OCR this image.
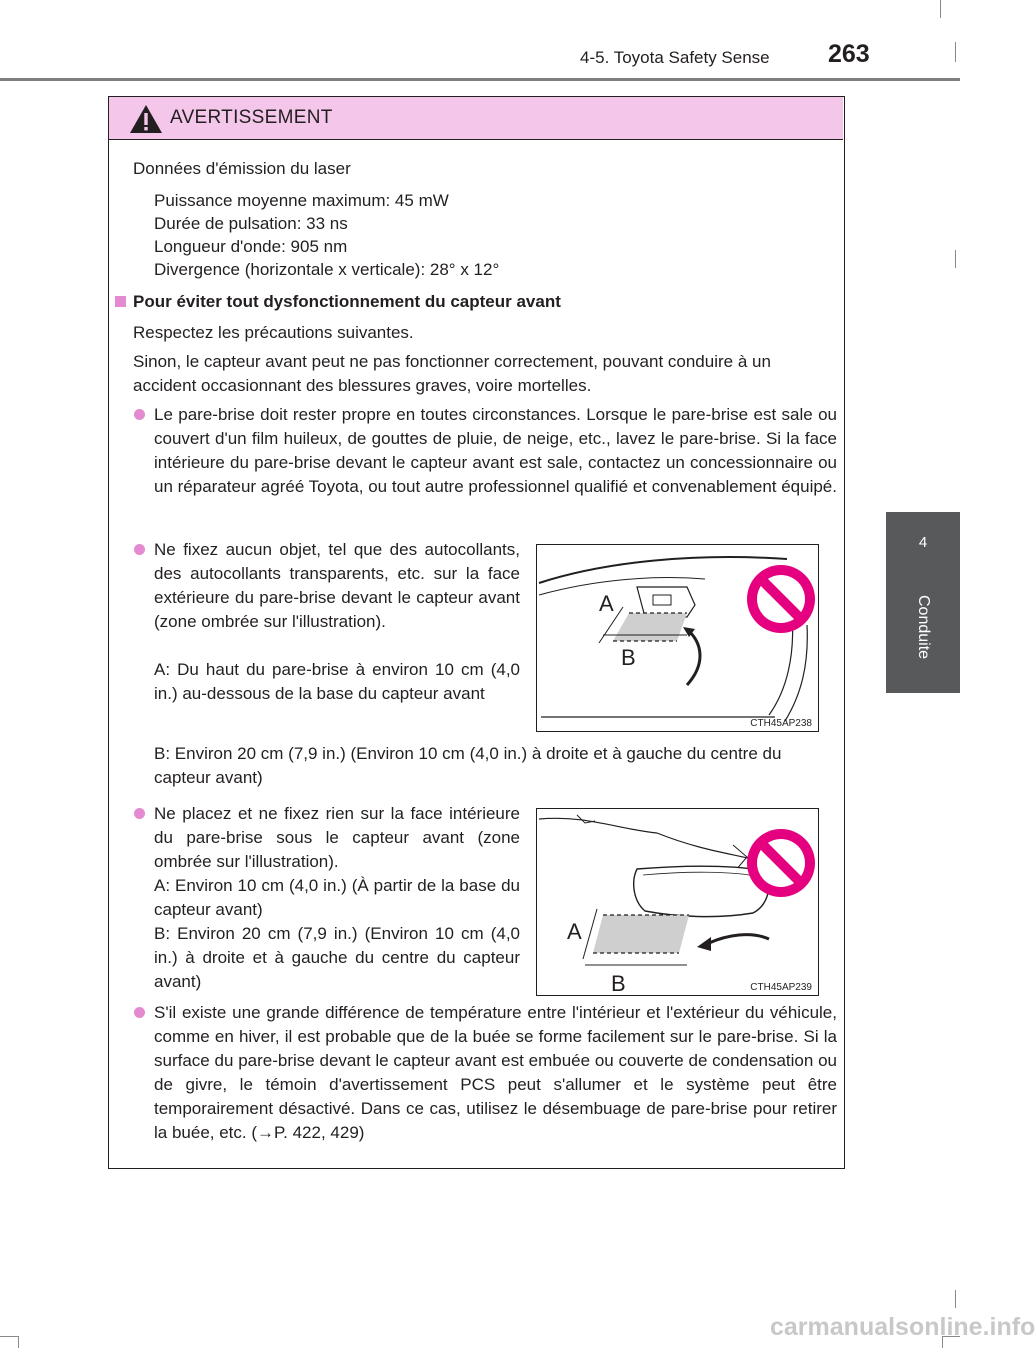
4-5. Toyota Safety Sense 263
4
Conduite
AVERTISSEMENT
Données d'émission du laser
Puissance moyenne maximum: 45 mW
Durée de pulsation: 33 ns
Longueur d'onde: 905 nm
Divergence (horizontale x verticale): 28° x 12°
Pour éviter tout dysfonctionnement du capteur avant
Respectez les précautions suivantes.
Sinon, le capteur avant peut ne pas fonctionner correctement, pouvant conduire à un accident occasionnant des blessures graves, voire mortelles.
Le pare-brise doit rester propre en toutes circonstances. Lorsque le pare-brise est sale ou couvert d'un film huileux, de gouttes de pluie, de neige, etc., lavez le pare-brise. Si la face intérieure du pare-brise devant le capteur avant est sale, contactez un concessionnaire ou un réparateur agréé Toyota, ou tout autre professionnel qualifié et convenablement équipé.
Ne fixez aucun objet, tel que des autocollants, des autocollants transparents, etc. sur la face extérieure du pare-brise devant le capteur avant (zone ombrée sur l'illustration).
A: Du haut du pare-brise à environ 10 cm (4,0 in.) au-dessous de la base du capteur avant
A
B
CTH45AP238
B: Environ 20 cm (7,9 in.) (Environ 10 cm (4,0 in.) à droite et à gauche du centre du capteur avant)
Ne placez et ne fixez rien sur la face intérieure du pare-brise sous le capteur avant (zone ombrée sur l'illustration).
A: Environ 10 cm (4,0 in.) (À partir de la base du capteur avant)
B: Environ 20 cm (7,9 in.) (Environ 10 cm (4,0 in.) à droite et à gauche du centre du capteur avant)
A
B	CTH45AP239
S'il existe une grande différence de température entre l'intérieur et l'extérieur du véhicule, comme en hiver, il est probable que de la buée se forme facilement sur le pare-brise. Si la surface du pare-brise devant le capteur avant est embuée ou couverte de condensation ou de givre, le témoin d'avertissement PCS peut s'allumer et le système peut être temporairement désactivé. Dans ce cas, utilisez le désembuage de pare-brise pour retirer la buée, etc. (→P. 422, 429)
carmanualsonline.info
